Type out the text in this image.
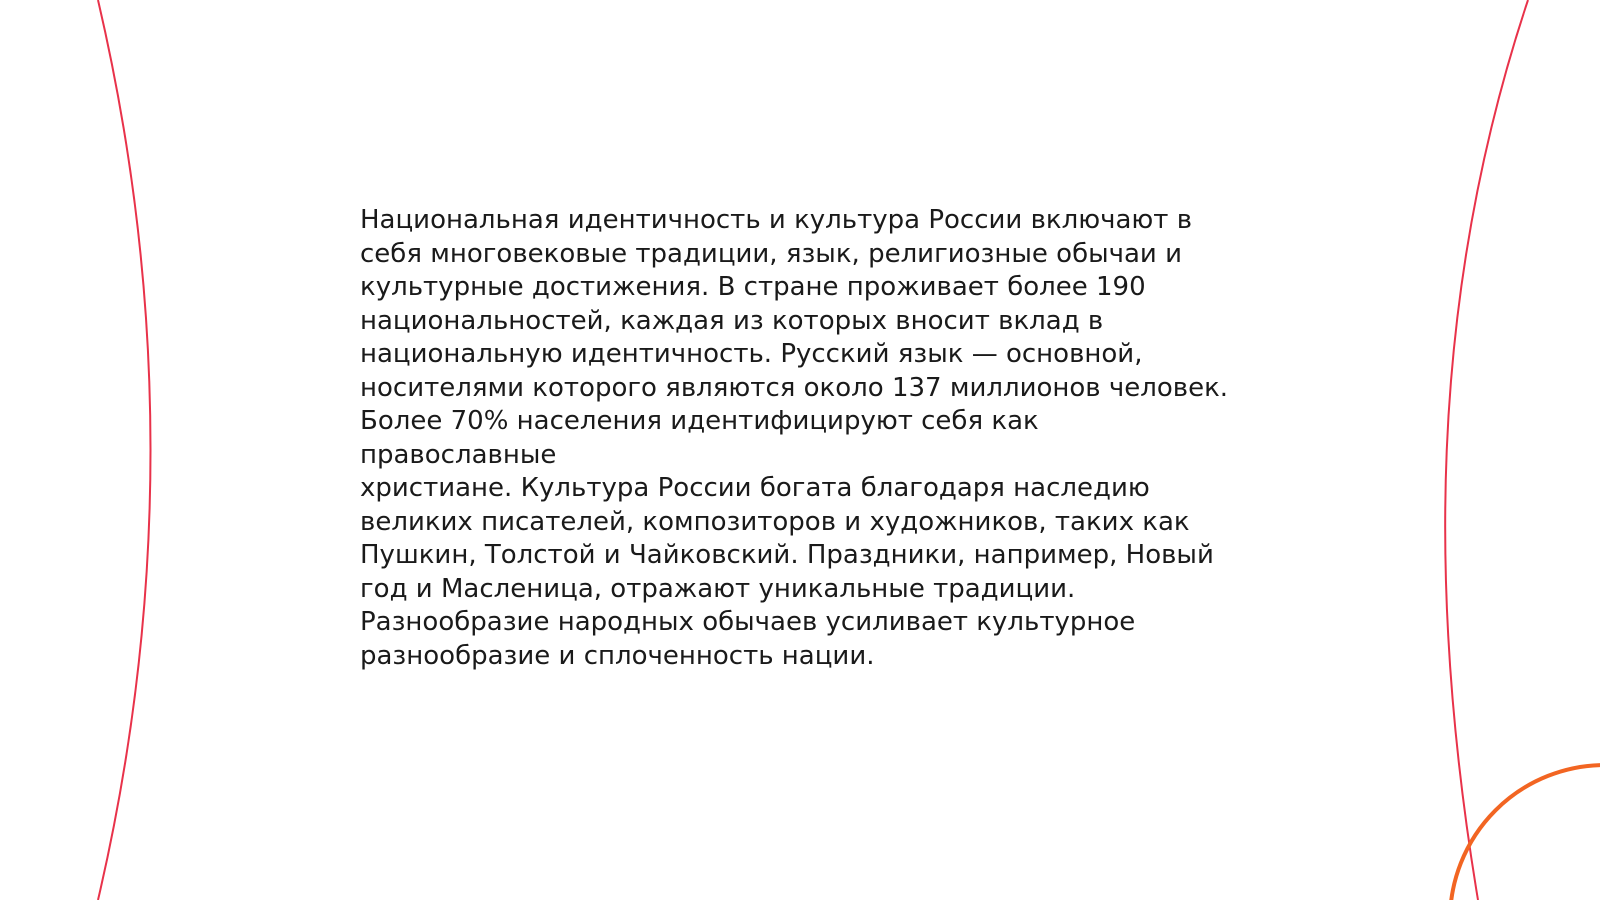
Национальная идентичность и культура России включают в
себя многовековые традиции, язык, религиозные обычаи и
культурные достижения. В стране проживает более 190
национальностей, каждая из которых вносит вклад в
национальную идентичность. Русский язык — основной,
носителями которого являются около 137 миллионов человек.
Более 70% населения идентифицируют себя как православные
христиане. Культура России богата благодаря наследию
великих писателей, композиторов и художников, таких как
Пушкин, Толстой и Чайковский. Праздники, например, Новый
год и Масленица, отражают уникальные традиции.
Разнообразие народных обычаев усиливает культурное
разнообразие и сплоченность нации.
